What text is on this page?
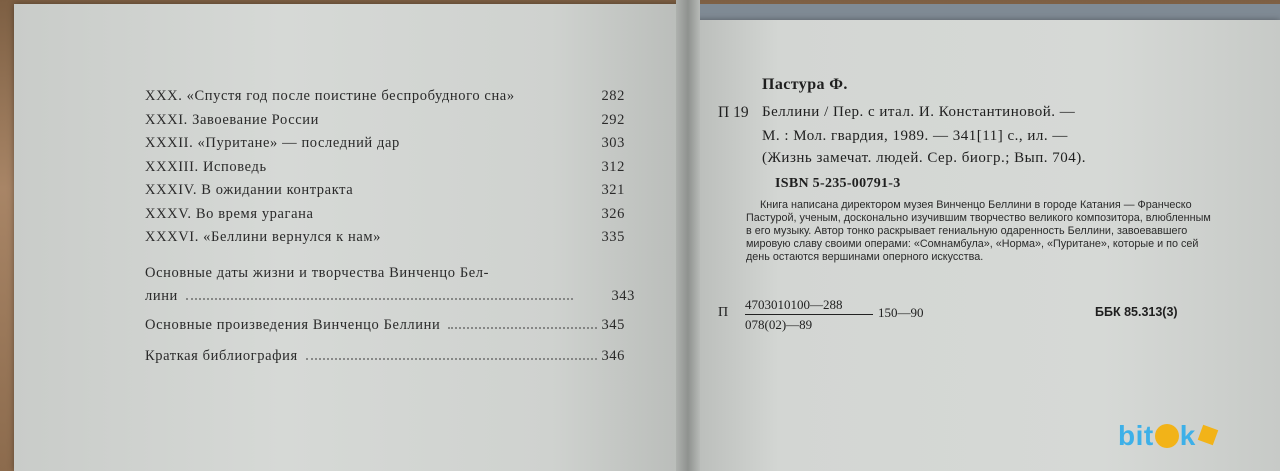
XXX. «Спустя год после поистине беспробудного сна»	282
XXXI. Завоевание России	292
XXXII. «Пуритане» — последний дар	303
XXXIII. Исповедь	312
XXXIV. В ожидании контракта	321
XXXV. Во время урагана	326
XXXVI. «Беллини вернулся к нам»	335
Основные даты жизни и творчества Винченцо Бел-
лини	343
Основные произведения Винченцо Беллини	345
Краткая библиография	346
Пастура Ф.
П 19 Беллини / Пер. с итал. И. Константиновой. —
М. : Мол. гвардия, 1989. — 341[11] с., ил. —
(Жизнь замечат. людей. Сер. биогр.; Вып. 704).
ISBN 5-235-00791-3
Книга написана директором музея Винченцо Беллини в городе Катания — Франческо Пастурой, ученым, досконально изучившим творчество великого композитора, влюбленным в его музыку. Автор тонко раскрывает гениальную одаренность Беллини, завоевавшего мировую славу своими операми: «Сомнамбула», «Норма», «Пуритане», которые и по сей день остаются вершинами оперного искусства.
П $\frac{4703010100—288}{078(02)—89}$ 150—90	ББК 85.313(3)
bit k
